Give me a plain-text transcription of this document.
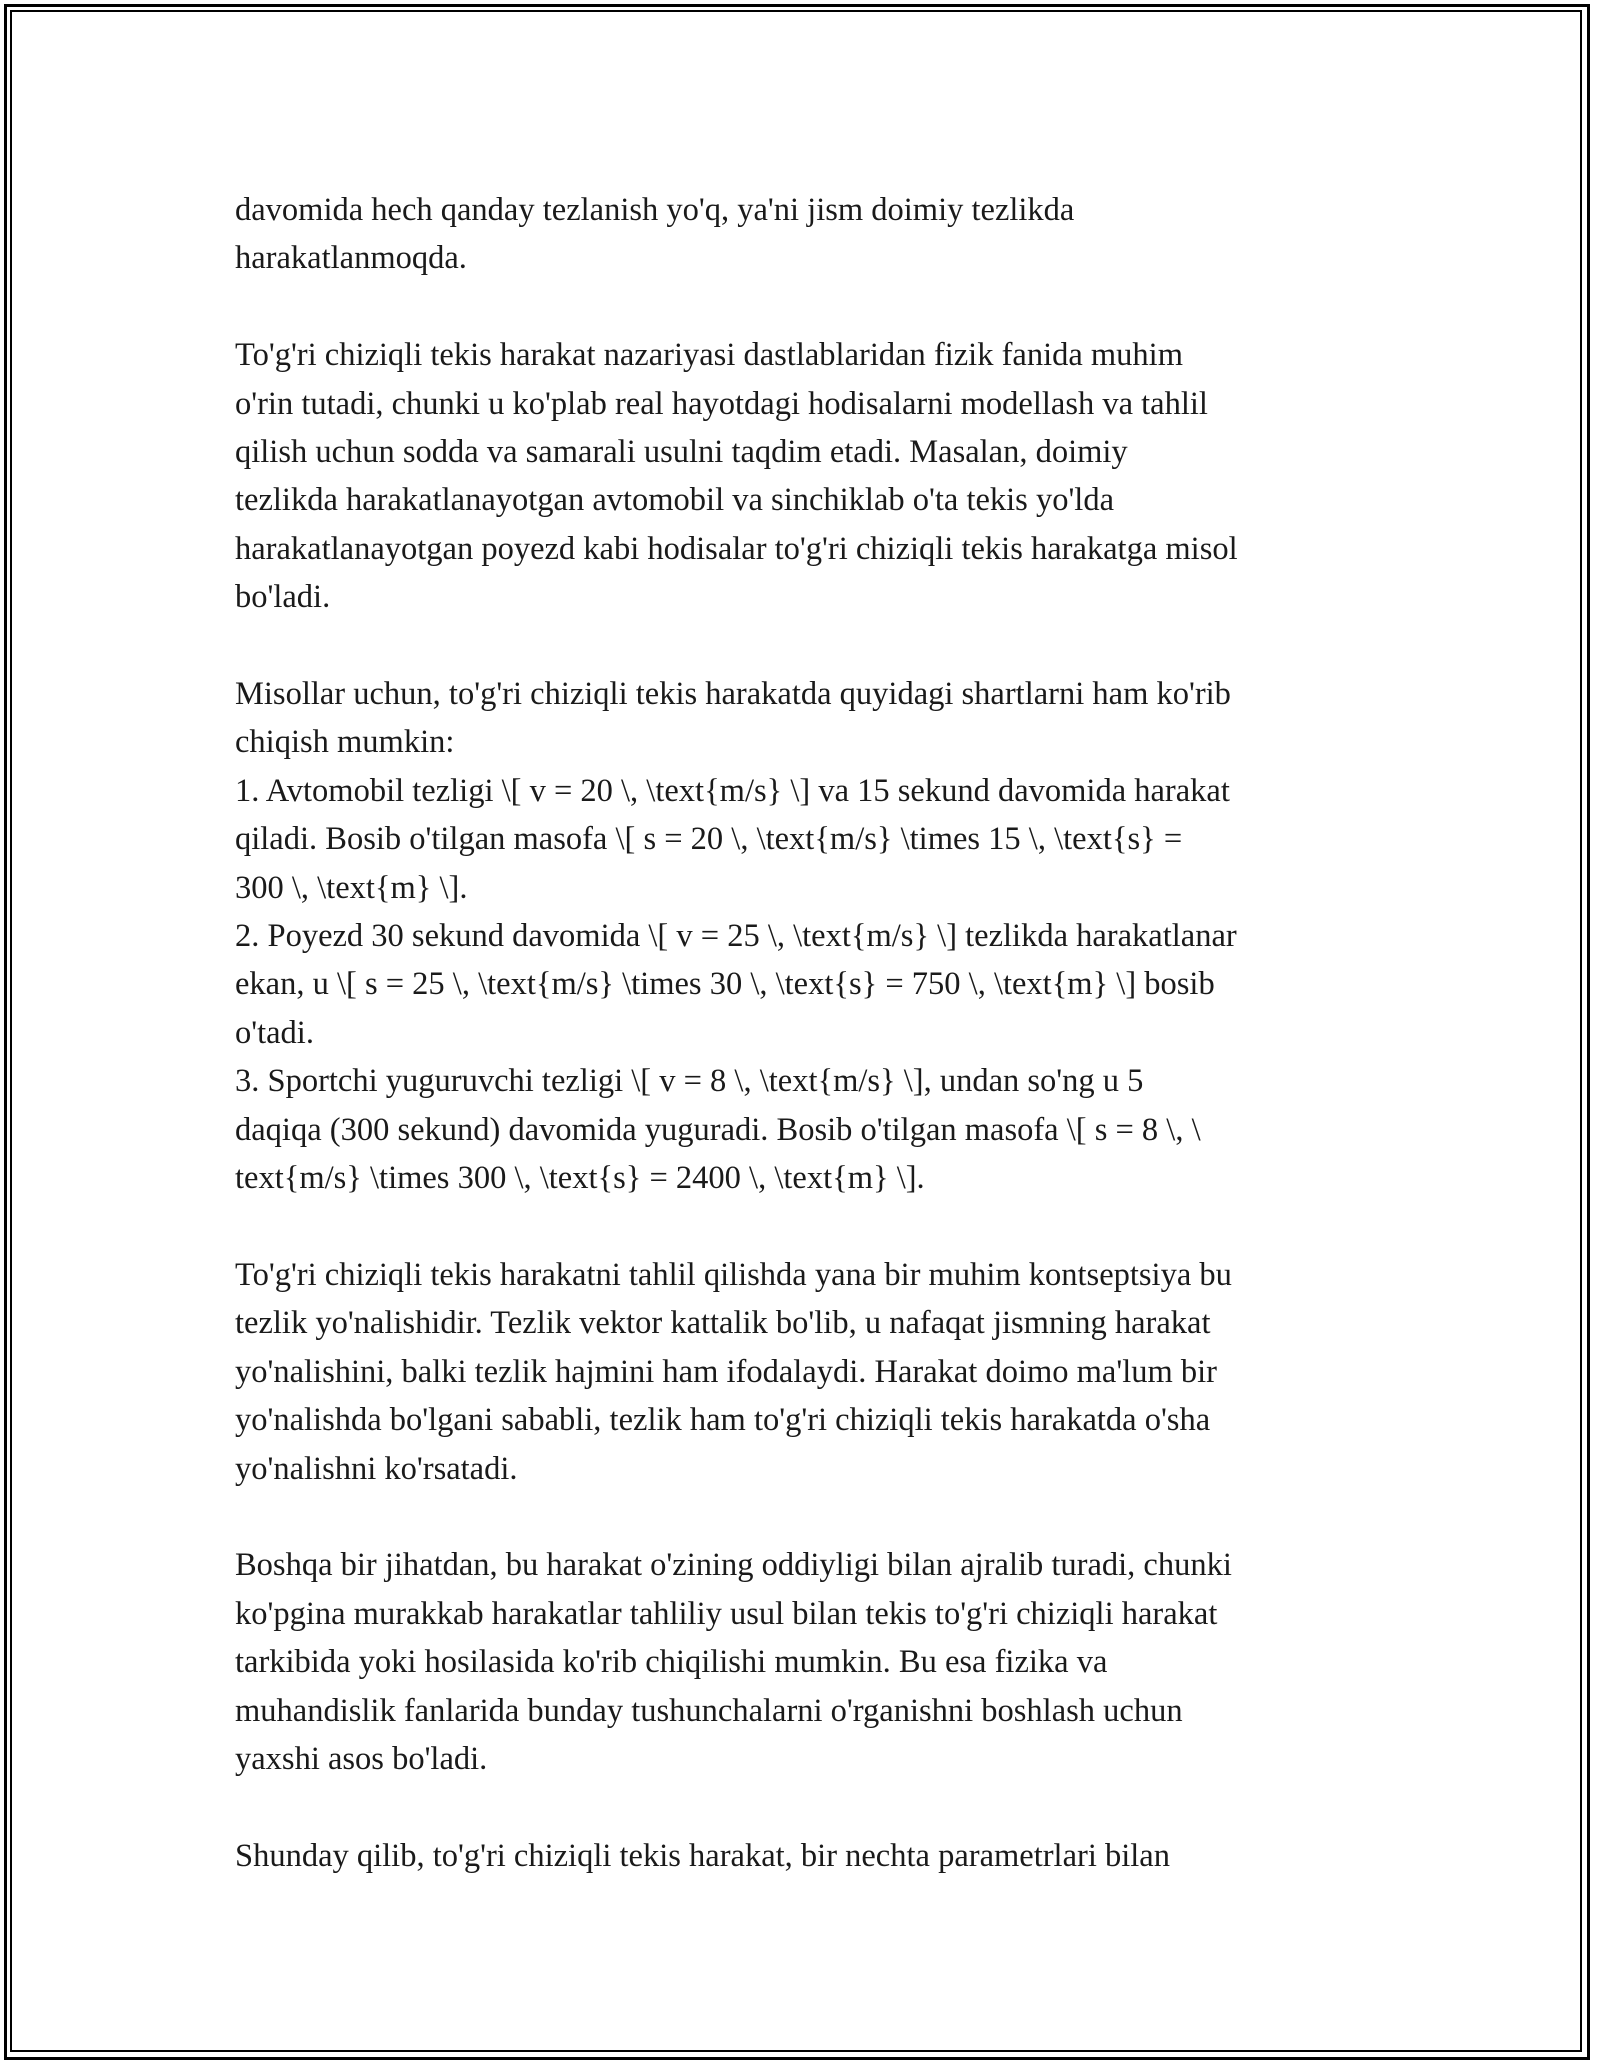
davomida hech qanday tezlanish yo'q, ya'ni jism doimiy tezlikda
harakatlanmoqda.

To'g'ri chiziqli tekis harakat nazariyasi dastlablaridan fizik fanida muhim
o'rin tutadi, chunki u ko'plab real hayotdagi hodisalarni modellash va tahlil
qilish uchun sodda va samarali usulni taqdim etadi. Masalan, doimiy
tezlikda harakatlanayotgan avtomobil va sinchiklab o'ta tekis yo'lda
harakatlanayotgan poyezd kabi hodisalar to'g'ri chiziqli tekis harakatga misol
bo'ladi.

Misollar uchun, to'g'ri chiziqli tekis harakatda quyidagi shartlarni ham ko'rib
chiqish mumkin:
1. Avtomobil tezligi \[ v = 20 \, \text{m/s} \] va 15 sekund davomida harakat
qiladi. Bosib o'tilgan masofa \[ s = 20 \, \text{m/s} \times 15 \, \text{s} =
300 \, \text{m} \].
2. Poyezd 30 sekund davomida \[ v = 25 \, \text{m/s} \] tezlikda harakatlanar
ekan, u \[ s = 25 \, \text{m/s} \times 30 \, \text{s} = 750 \, \text{m} \] bosib
o'tadi.
3. Sportchi yuguruvchi tezligi \[ v = 8 \, \text{m/s} \], undan so'ng u 5
daqiqa (300 sekund) davomida yuguradi. Bosib o'tilgan masofa \[ s = 8 \, \
text{m/s} \times 300 \, \text{s} = 2400 \, \text{m} \].

To'g'ri chiziqli tekis harakatni tahlil qilishda yana bir muhim kontseptsiya bu
tezlik yo'nalishidir. Tezlik vektor kattalik bo'lib, u nafaqat jismning harakat
yo'nalishini, balki tezlik hajmini ham ifodalaydi. Harakat doimo ma'lum bir
yo'nalishda bo'lgani sababli, tezlik ham to'g'ri chiziqli tekis harakatda o'sha
yo'nalishni ko'rsatadi.

Boshqa bir jihatdan, bu harakat o'zining oddiyligi bilan ajralib turadi, chunki
ko'pgina murakkab harakatlar tahliliy usul bilan tekis to'g'ri chiziqli harakat
tarkibida yoki hosilasida ko'rib chiqilishi mumkin. Bu esa fizika va
muhandislik fanlarida bunday tushunchalarni o'rganishni boshlash uchun
yaxshi asos bo'ladi.

Shunday qilib, to'g'ri chiziqli tekis harakat, bir nechta parametrlari bilan
